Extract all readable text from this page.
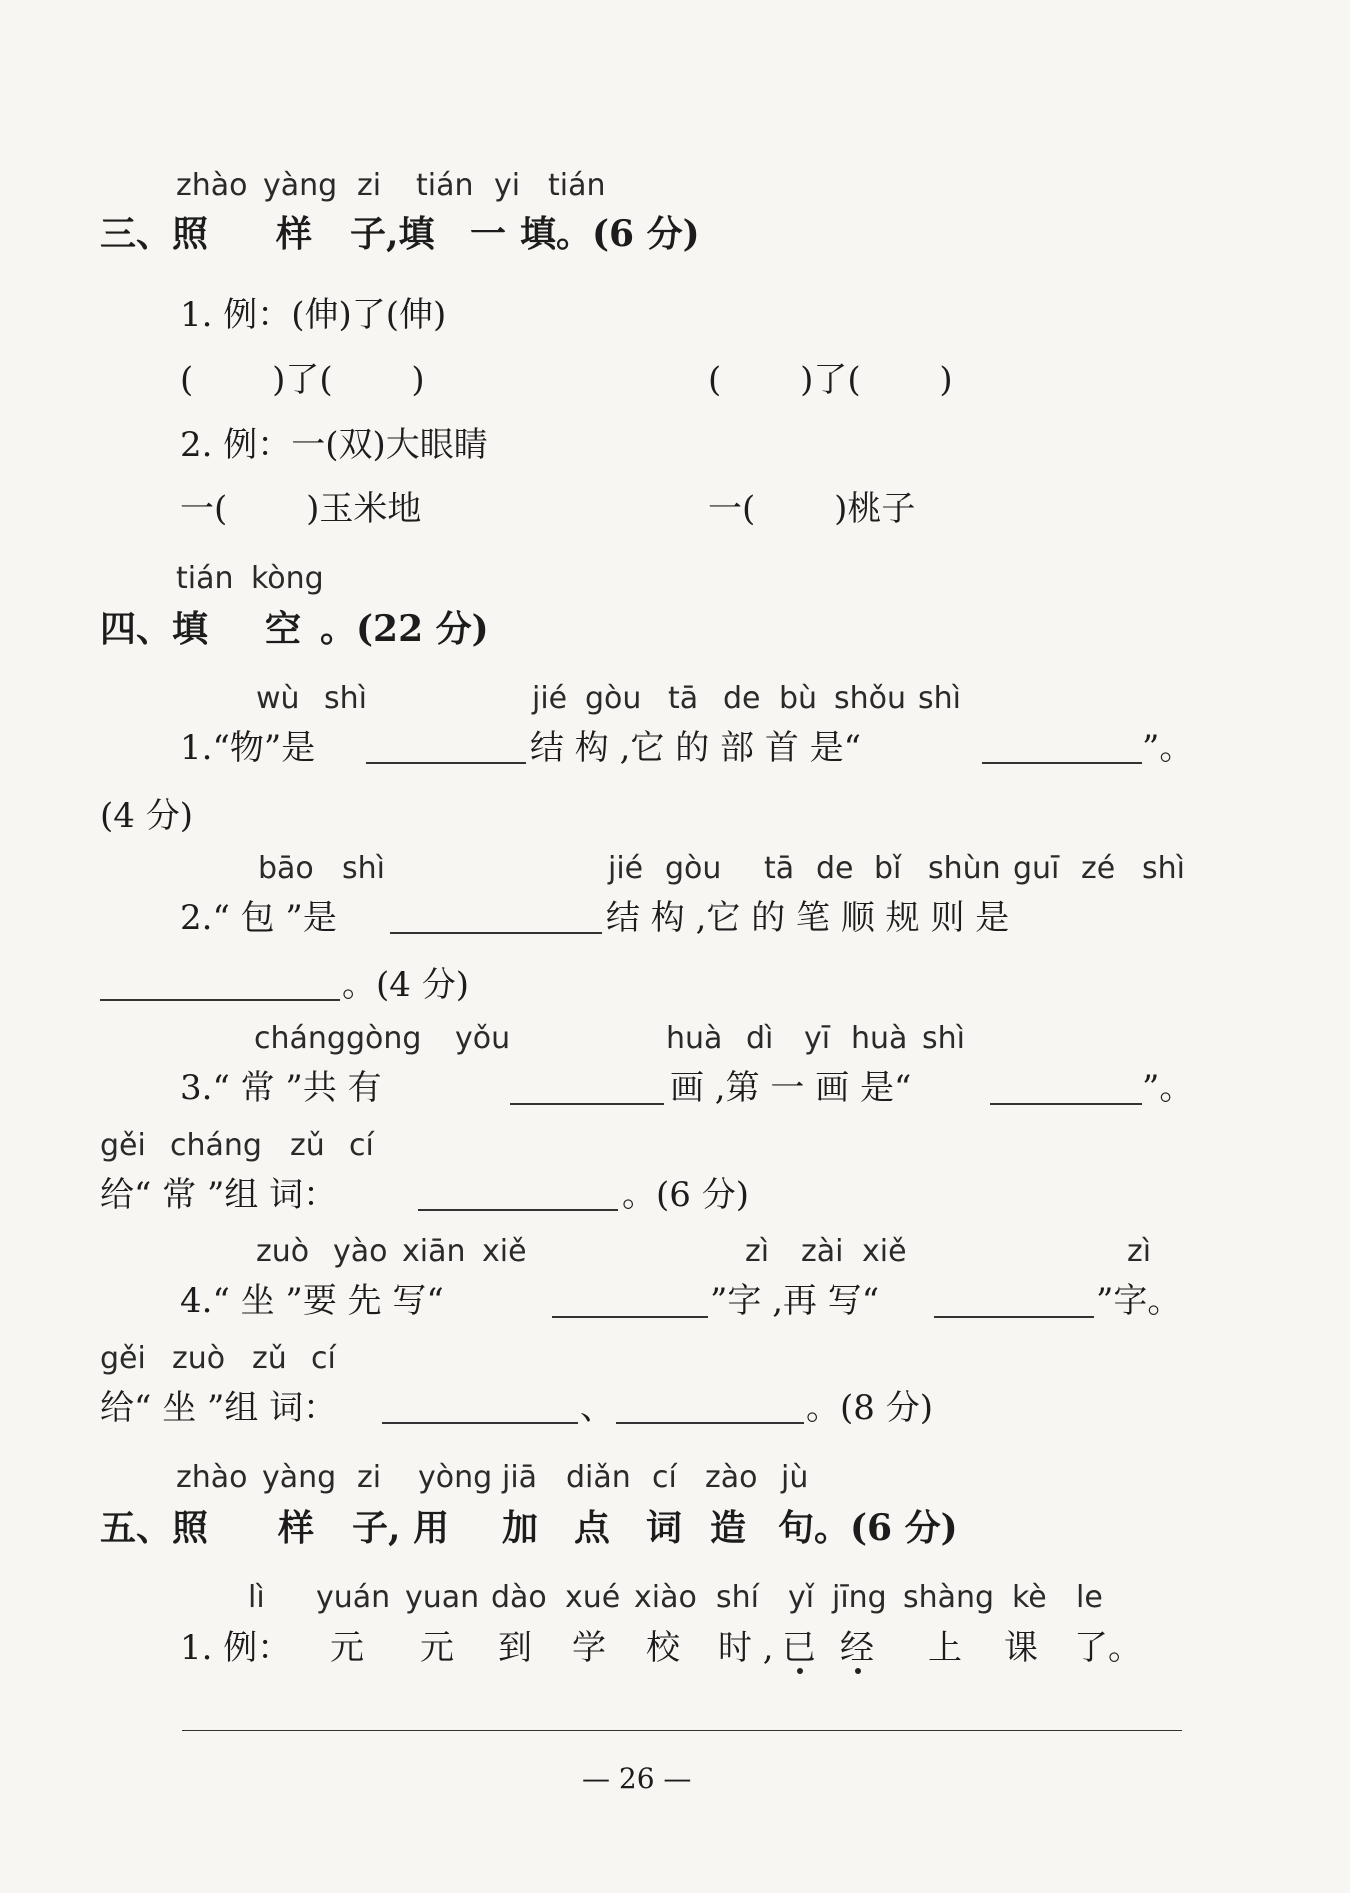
zhào yàng zi tián yi tián
三、照 样 子,填 一 填。(6 分)
1. 例：(伸)了(伸)
(　　 )了(　　 )	(　　 )了(　　 )
2. 例：一(双)大眼睛
一(　　 )玉米地	一(　　 )桃子
tián kòng
四、填 空 。(22 分)
wù shì	jié gòu tā de bù shǒu shì
1.“物”是	结 构 ,它 的 部 首 是“	”。
(4 分)
bāo shì	jié gòu tā de bǐ shùn guī zé shì
2.“ 包 ”是	结 构 ,它 的 笔 顺 规 则 是
。(4 分)
cháng gòng yǒu	huà dì yī huà shì
3.“ 常 ”共 有	画 ,第 一 画 是“	”。
gěi cháng zǔ cí
给“ 常 ”组 词：	。(6 分)
zuò yào xiān xiě	zì zài xiě	zì
4.“ 坐 ”要 先 写“	”字 ,再 写“	”字。
gěi zuò zǔ cí
给“ 坐 ”组 词：	、	。(8 分)
zhào yàng zi yòng jiā diǎn cí zào jù
五、照 样 子, 用 加 点 词 造 句。(6 分)
lì yuán yuan dào xué xiào shí yǐ jīng shàng kè le
1. 例： 元 元 到 学 校 时 , 已 经 上 课 了。
— 26 —
